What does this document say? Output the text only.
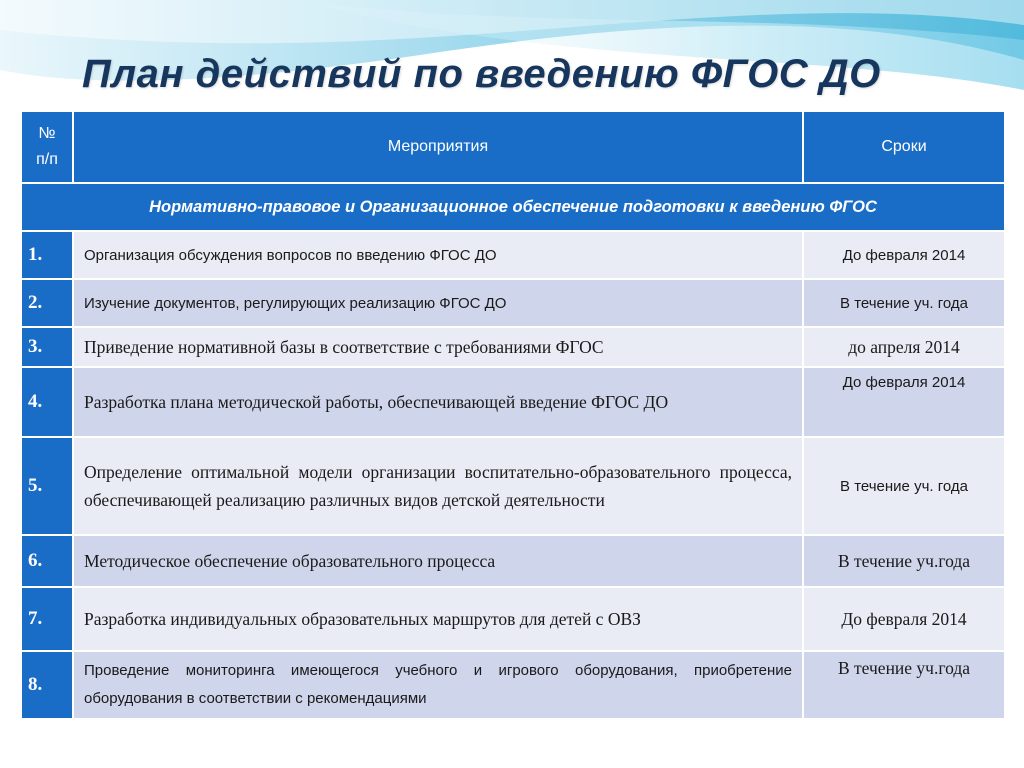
План действий по введению ФГОС ДО
№
п/п	Мероприятия	Сроки
Нормативно-правовое и Организационное обеспечение подготовки к введению ФГОС		
1.	Организация обсуждения вопросов по введению ФГОС ДО	До февраля 2014
2.	Изучение документов, регулирующих реализацию ФГОС ДО	В течение уч. года
3.	Приведение нормативной базы в соответствие с требованиями ФГОС	до апреля 2014
4.	Разработка плана методической работы, обеспечивающей введение ФГОС ДО	До февраля 2014
5.	Определение оптимальной модели организации воспитательно-образовательного процесса, обеспечивающей реализацию различных видов детской деятельности	В течение уч. года
6.	Методическое обеспечение образовательного процесса	В течение уч.года
7.	Разработка индивидуальных образовательных маршрутов для детей с ОВЗ	До февраля 2014
8.	Проведение мониторинга имеющегося учебного и игрового оборудования, приобретение оборудования в соответствии с рекомендациями	В течение уч.года
